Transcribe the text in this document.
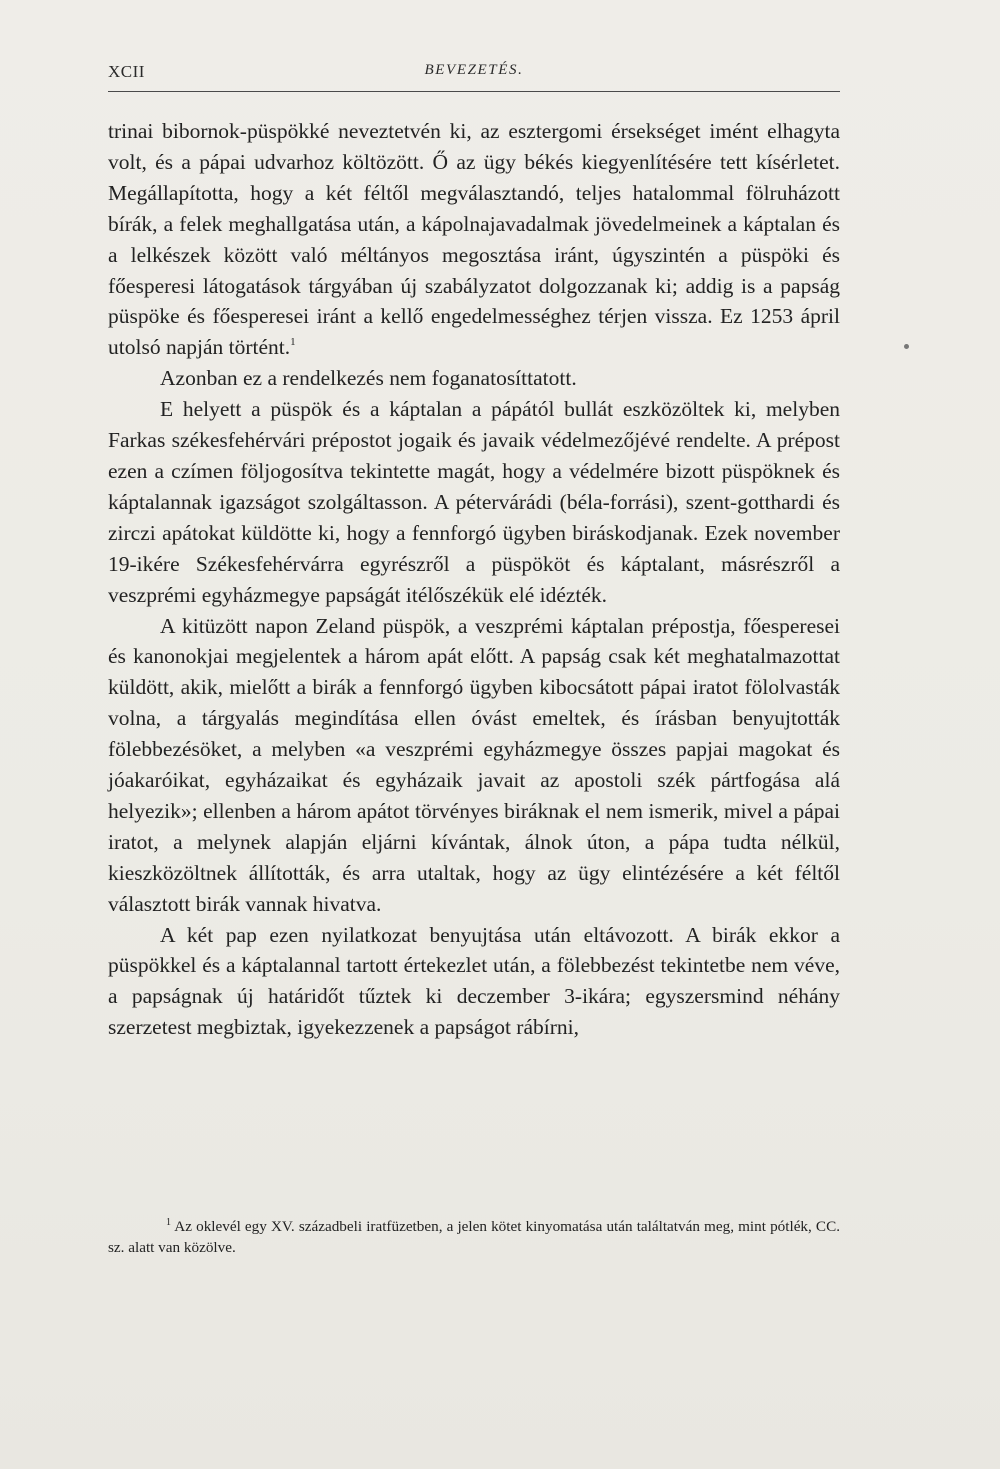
XCII	BEVEZETÉS.

trinai bibornok-püspökké neveztetvén ki, az esztergomi érsekséget imént elhagyta volt, és a pápai udvarhoz költözött. Ő az ügy békés kiegyenlítésére tett kísérletet. Megállapította, hogy a két féltől megválasztandó, teljes hatalommal fölruházott bírák, a felek meghallgatása után, a kápolnajavadalmak jövedelmeinek a káptalan és a lelkészek között való méltányos megosztása iránt, úgyszintén a püspöki és főesperesi látogatások tárgyában új szabályzatot dolgozzanak ki; addig is a papság püspöke és főesperesei iránt a kellő engedelmességhez térjen vissza. Ez 1253 ápril utolsó napján történt.$^1$

Azonban ez a rendelkezés nem foganatosíttatott.

E helyett a püspök és a káptalan a pápától bullát eszközöltek ki, melyben Farkas székesfehérvári prépostot jogaik és javaik védelmezőjévé rendelte. A prépost ezen a czímen följogosítva tekintette magát, hogy a védelmére bizott püspöknek és káptalannak igazságot szolgáltasson. A pétervárádi (béla-forrási), szent-gotthardi és zirczi apátokat küldötte ki, hogy a fennforgó ügyben biráskodjanak. Ezek november 19-ikére Székesfehérvárra egyrészről a püspököt és káptalant, másrészről a veszprémi egyházmegye papságát itélőszékük elé idézték.

A kitüzött napon Zeland püspök, a veszprémi káptalan prépostja, főesperesei és kanonokjai megjelentek a három apát előtt. A papság csak két meghatalmazottat küldött, akik, mielőtt a birák a fennforgó ügyben kibocsátott pápai iratot fölolvasták volna, a tárgyalás megindítása ellen óvást emeltek, és írásban benyujtották fölebbezésöket, a melyben «a veszprémi egyházmegye összes papjai magokat és jóakaróikat, egyházaikat és egyházaik javait az apostoli szék pártfogása alá helyezik»; ellenben a három apátot törvényes biráknak el nem ismerik, mivel a pápai iratot, a melynek alapján eljárni kívántak, álnok úton, a pápa tudta nélkül, kieszközöltnek állították, és arra utaltak, hogy az ügy elintézésére a két féltől választott birák vannak hivatva.

A két pap ezen nyilatkozat benyujtása után eltávozott. A birák ekkor a püspökkel és a káptalannal tartott értekezlet után, a fölebbezést tekintetbe nem véve, a papságnak új határidőt tűztek ki deczember 3-ikára; egyszersmind néhány szerzetest megbiztak, igyekezzenek a papságot rábírni,

$^1$ Az oklevél egy XV. századbeli iratfüzetben, a jelen kötet kinyomatása után találtatván meg, mint pótlék, CC. sz. alatt van közölve.
